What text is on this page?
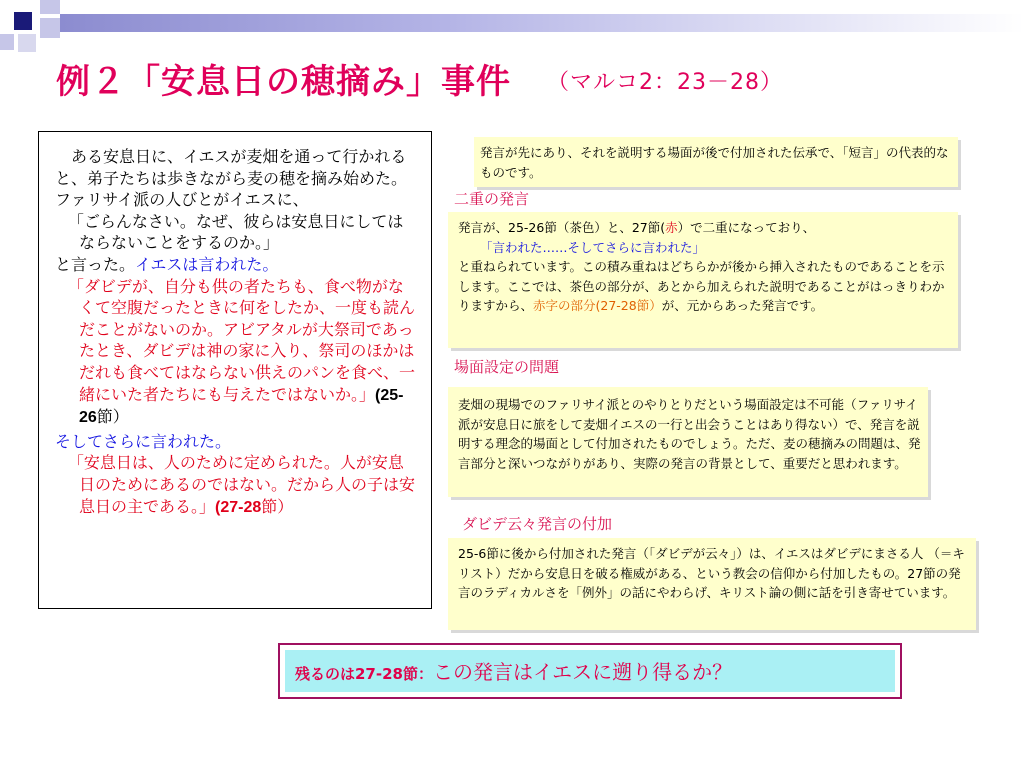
例２「安息日の穂摘み」事件 （マルコ2：23－28）

ある安息日に、イエスが麦畑を通って行かれると、弟子たちは歩きながら麦の穂を摘み始めた。ファリサイ派の人びとがイエスに、

「ごらんなさい。なぜ、彼らは安息日にしてはならないことをするのか。」

と言った。イエスは言われた。

「ダビデが、自分も供の者たちも、食べ物がなくて空腹だったときに何をしたか、一度も読んだことがないのか。アビアタルが大祭司であったとき、ダビデは神の家に入り、祭司のほかはだれも食べてはならない供えのパンを食べ、一緒にいた者たちにも与えたではないか。」(25-26節）

そしてさらに言われた。

「安息日は、人のために定められた。人が安息日のためにあるのではない。だから人の子は安息日の主である。」(27-28節）

発言が先にあり、それを説明する場面が後で付加された伝承で、「短言」の代表的なものです。
二重の発言
発言が、25-26節（茶色）と、27節(赤）で二重になっており、
「言われた……そしてさらに言われた」
と重ねられています。この積み重ねはどちらかが後から挿入されたものであることを示します。ここでは、茶色の部分が、あとから加えられた説明であることがはっきりわかりますから、赤字の部分(27-28節）が、元からあった発言です。
場面設定の問題
麦畑の現場でのファリサイ派とのやりとりだという場面設定は不可能（ファリサイ派が安息日に旅をして麦畑イエスの一行と出会うことはあり得ない）で、発言を説明する理念的場面として付加されたものでしょう。ただ、麦の穂摘みの問題は、発言部分と深いつながりがあり、実際の発言の背景として、重要だと思われます。
ダビデ云々発言の付加
25-6節に後から付加された発言（「ダビデが云々」）は、イエスはダビデにまさる人 （＝キリスト）だから安息日を破る権威がある、という教会の信仰から付加したもの。27節の発言のラディカルさを「例外」の話にやわらげ、キリスト論の側に話を引き寄せています。
残るのは27-28節：この発言はイエスに遡り得るか？
